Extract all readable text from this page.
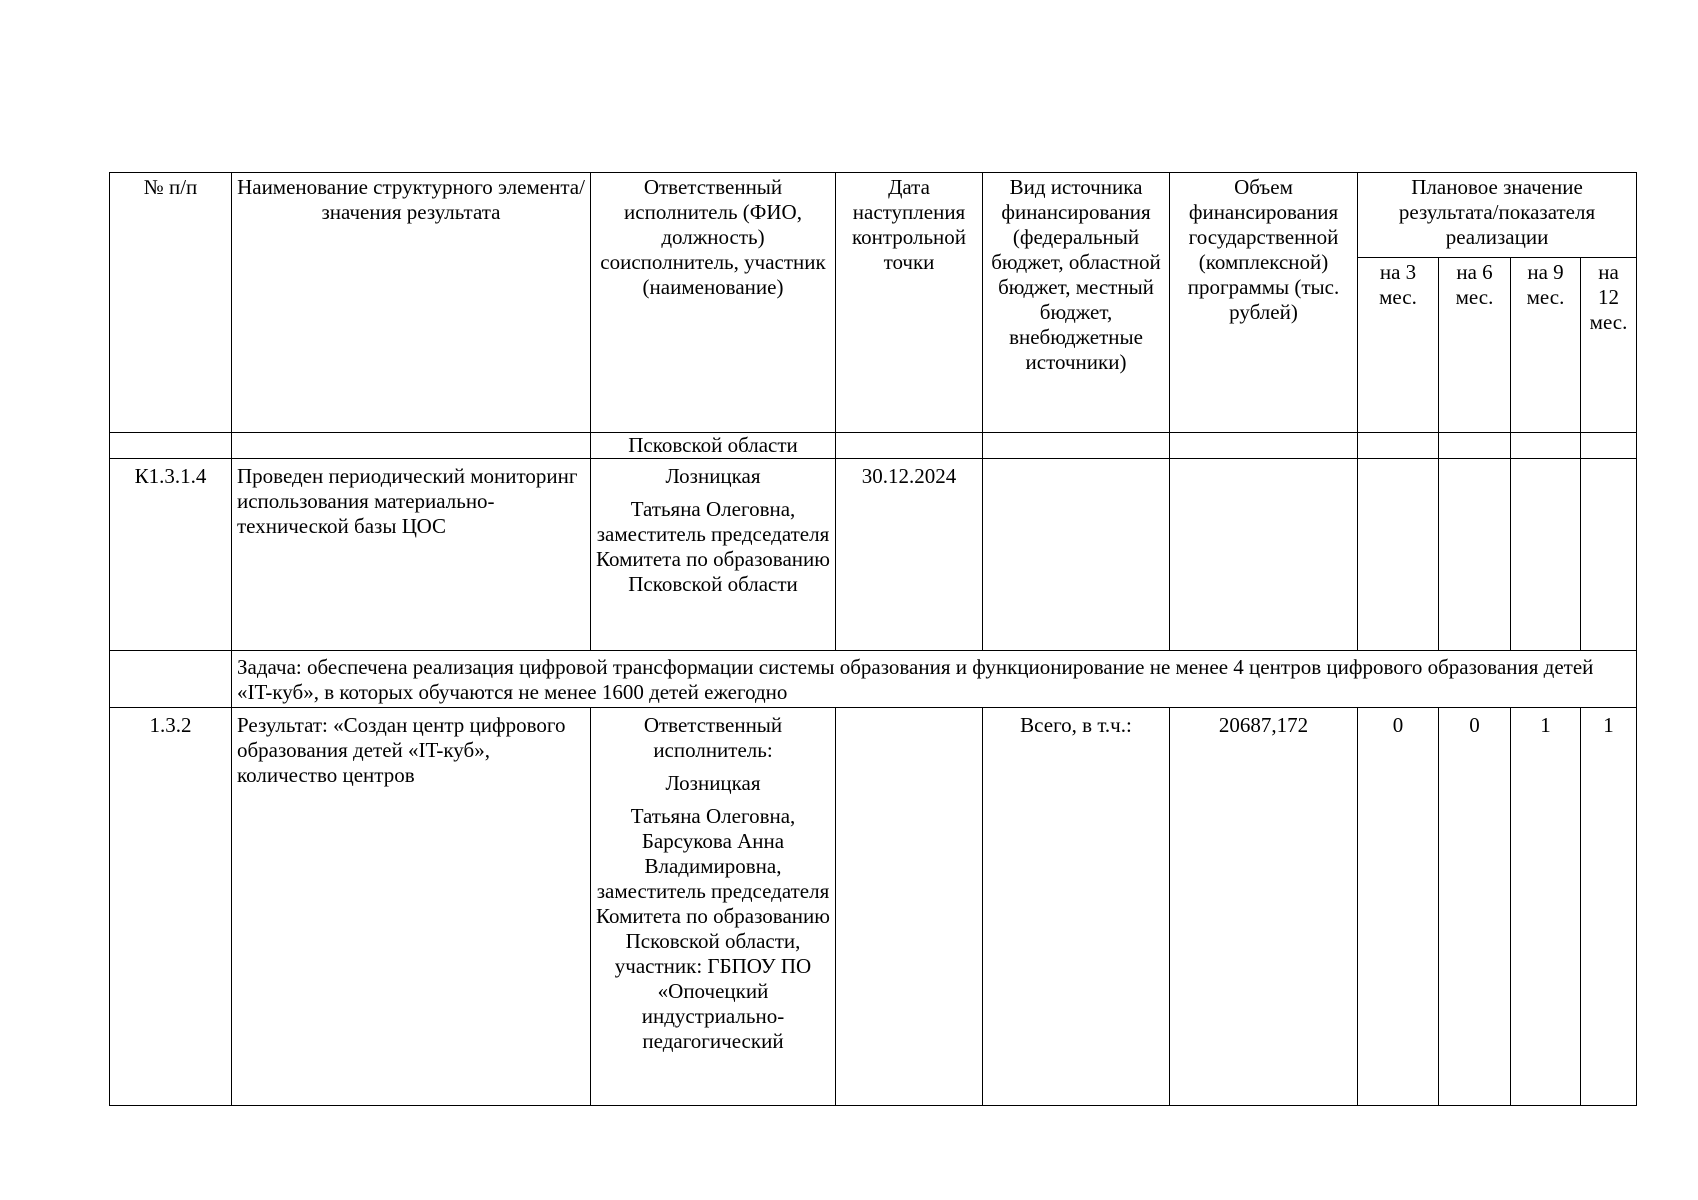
№ п/п	Наименование структурного элемента/ значения результата	Ответственный исполнитель (ФИО, должность) соисполнитель, участник (наименование)	Дата наступления контрольной точки	Вид источника финансирования (федеральный бюджет, областной бюджет, местный бюджет, внебюджетные источники)	Объем финансирования государственной (комплексной) программы (тыс. рублей)	Плановое значение результата/показателя реализации			
						на 3 мес.	на 6 мес.	на 9 мес.	на 12 мес.
		Псковской области							
К1.3.1.4	Проведен периодический мониторинг использования материально-технической базы ЦОС	Лозницкая

Татьяна Олеговна, заместитель председателя Комитета по образованию Псковской области	30.12.2024						
	Задача: обеспечена реализация цифровой трансформации системы образования и функционирование не менее 4 центров цифрового образования детей «IT-куб», в которых обучаются не менее 1600 детей ежегодно								
1.3.2	Результат: «Создан центр цифрового образования детей «IT-куб», количество центров	Ответственный исполнитель:

Лозницкая

Татьяна Олеговна, Барсукова Анна Владимировна, заместитель председателя Комитета по образованию Псковской области, участник: ГБПОУ ПО «Опочецкий индустриально-педагогический		Всего, в т.ч.:	20687,172	0	0	1	1
